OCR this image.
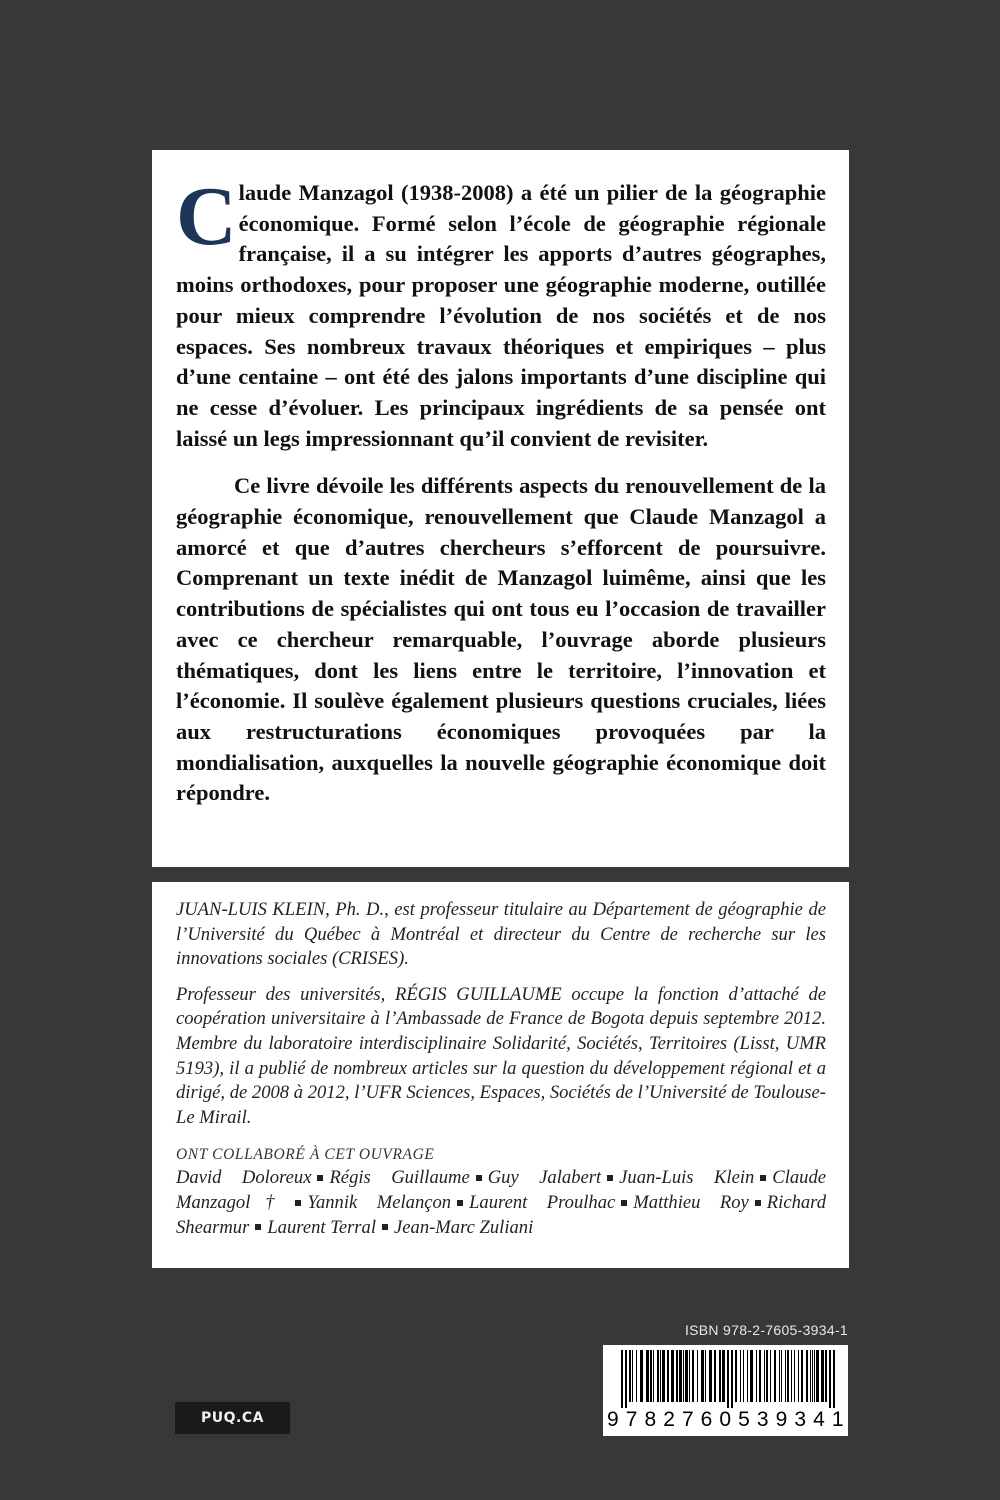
Claude Manzagol (1938-2008) a été un pilier de la géographie économique. Formé selon l’école de géographie régionale française, il a su intégrer les apports d’autres géographes, moins orthodoxes, pour proposer une géographie moderne, outillée pour mieux comprendre l’évolution de nos sociétés et de nos espaces. Ses nombreux travaux théoriques et empiriques – plus d’une centaine – ont été des jalons importants d’une discipline qui ne cesse d’évoluer. Les principaux ingrédients de sa pensée ont laissé un legs impressionnant qu’il convient de revisiter.

Ce livre dévoile les différents aspects du renouvellement de la géographie économique, renouvellement que Claude Manzagol a amorcé et que d’autres chercheurs s’efforcent de poursuivre. Comprenant un texte inédit de Manzagol luimême, ainsi que les contributions de spécialistes qui ont tous eu l’occasion de travailler avec ce chercheur remarquable, l’ouvrage aborde plusieurs thématiques, dont les liens entre le territoire, l’innovation et l’économie. Il soulève également plusieurs questions cruciales, liées aux restructurations économiques provoquées par la mondialisation, auxquelles la nouvelle géographie économique doit répondre.

JUAN-LUIS KLEIN, Ph. D., est professeur titulaire au Département de géographie de l’Université du Québec à Montréal et directeur du Centre de recherche sur les innovations sociales (CRISES).

Professeur des universités, RÉGIS GUILLAUME occupe la fonction d’attaché de coopération universitaire à l’Ambassade de France de Bogota depuis septembre 2012. Membre du laboratoire interdisciplinaire Solidarité, Sociétés, Territoires (Lisst, UMR 5193), il a publié de nombreux articles sur la question du développement régional et a dirigé, de 2008 à 2012, l’UFR Sciences, Espaces, Sociétés de l’Université de Toulouse-Le Mirail.

ONT COLLABORÉ À CET OUVRAGE

David Doloreux Régis Guillaume Guy Jalabert Juan-Luis Klein Claude Manzagol† Yannik Melançon Laurent Proulhac Matthieu Roy Richard Shearmur Laurent Terral Jean-Marc Zuliani

PUQ.CA
ISBN 978-2-7605-3934-1
9 7 8 2 7 6 0 5 3 9 3 4 1
